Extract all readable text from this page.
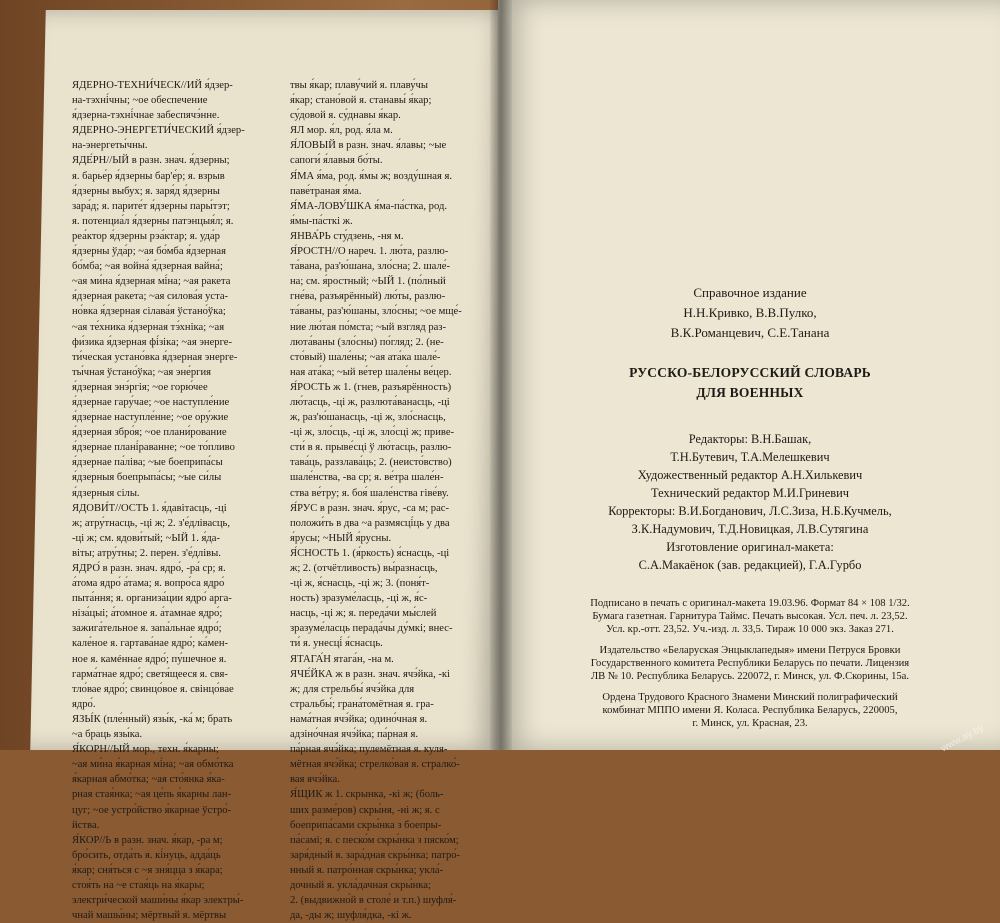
ЯДЕРНО-ТЕХНИ́ЧЕСК//ИЙ я́дзер-

на-тэхні́чны; ~ое обеспечение

я́дзерна-тэхні́чнае забеспячэ́нне.

ЯДЕРНО-ЭНЕРГЕТИ́ЧЕСКИЙ я́дзер-

на-энергеты́чны.

ЯДЕ́РН//ЫЙ в разн. знач. я́дзерны;

я. барье́р я́дзерны бар'е́р; я. взрыв

я́дзерны выбух; я. заря́д я́дзерны

зара́д; я. парите́т я́дзерны пары́тэт;

я. потенциа́л я́дзерны патэнцыя́л; я.

реа́ктор я́дзерны рэа́ктар; я. уда́р

я́дзерны ўда́р; ~ая бо́мба я́дзерная

бо́мба; ~ая война́ я́дзерная вайна́;

~ая ми́на я́дзерная мі́на; ~ая ракета

я́дзерная ракета; ~ая силова́я уста-

но́вка я́дзерная сілава́я ўстано́ўка;

~ая те́хника я́дзерная тэ́хніка; ~ая

фи́зика я́дзерная фі́зіка; ~ая энерге-

ти́ческая устано́вка я́дзерная энерге-

ты́чная ўстано́ўка; ~ая эне́ргия

я́дзерная энэ́ргія; ~ое горю́чее

я́дзернае гару́чае; ~ое наступле́ние

я́дзернае наступле́нне; ~ое ору́жие

я́дзерная збро́я; ~ое плани́рование

я́дзернае плані́раванне; ~ое то́пливо

я́дзернае па́ліва; ~ые боеприпа́сы

я́дзерныя боепрыпа́сы; ~ые си́лы

я́дзерныя сілы.

ЯДОВИ́Т//ОСТЬ 1. я́давітасць, -ці

ж; атру́тнасць, -ці ж; 2. з'е́длівасць,

-ці ж; см. ядови́тый; ~ЫЙ 1. я́да-

віты; атру́тны; 2. перен. з'е́длівы.

ЯДРО́ в разн. знач. ядро́, -ра́ ср; я.

а́тома ядро́ а́тама; я. вопро́са ядро́

пыта́ння; я. организа́ции ядро́ арга-

ніза́цыі; а́томное я. а́тамнае ядро́;

зажига́тельное я. запа́льнае ядро́;

кале́ное я. гартава́нае ядро́; ка́мен-

ное я. камéннае ядро́; пу́шечное я.

гарма́тнае ядро́; светя́щееся я. свя-

тло́вае ядро́; свинцо́вое я. свінцо́вае

ядро́.

ЯЗЫ́К (пле́нный) язы́к, -ка́ м; брать

~а браць язы́ка.

Я́КОРН//ЫЙ мор., техн. я́карны;

~ая ми́на я́карная мі́на; ~ая обмо́тка

я́карная абмо́тка; ~ая сто́янка я́ка-

рная стая́нка; ~ая це́пь я́карны лан-

цуг; ~ое устро́йство я́карнае ўстро́-

йства.

Я́КОР//Ь в разн. знач. я́кар, -ра м;

бро́сить, отда́ть я. кі́нуць, адда́ць

я́кар; сня́ться с ~я зня́цца з я́кара;

стоя́ть на ~е стая́ць на я́кары;

электри́ческой маши́ны я́кар электры́-

чнай машы́ны; мёртвый я. мёртвы

твы я́кар; плаву́чий я. плаву́чы

я́кар; стано́вой я. станавы́ я́кар;

су́довой я. су́днавы я́кар.

ЯЛ мор. я́л, род. я́ла м.

Я́ЛОВЫЙ в разн. знач. я́лавы; ~ые

сапоги́ я́лавыя бо́ты.

Я́МА я́ма, род. я́мы ж; возду́шная я.

паве́траная я́ма.

Я́МА-ЛОВУ́ШКА я́ма-па́стка, род.

я́мы-па́сткі ж.

ЯНВА́РЬ сту́дзень, -ня м.

Я́РОСТН//О нареч. 1. лю́та, разлю-

та́вана, раз'ю́шана, зло́сна; 2. шале́-

на; см. я́ростный; ~ЫЙ 1. (по́лный

гне́ва, разъярённый) лю́ты, разлю-

та́ваны, раз'ю́шаны, зло́сны; ~ое мще́-

ние лю́тая по́мста; ~ый взгляд раз-

люта́ваны (зло́сны) по́гляд; 2. (не-

сто́вый) шале́ны; ~ая ата́ка шале́-

ная ата́ка; ~ый ве́тер шале́ны ве́цер.

Я́РОСТЬ ж 1. (гнев, разъярённость)

лю́тасць, -ці ж, разлюта́ванасць, -ці

ж, раз'ю́шанасць, -ці ж, зло́снасць,

-ці ж, зло́сць, -ці ж, зло́сці ж; приве-

сти́ в я. прыве́сці ў лю́тасць, разлю-

тава́ць, раззлава́ць; 2. (неисто́вство)

шале́нства, -ва ср; я. ве́тра шале́н-

ства ве́тру; я. боя́ шале́нства гіве́ву.

Я́РУС в разн. знач. я́рус, -са м; рас-

положи́ть в два ~а размясці́ць у два

я́русы; ~НЫЙ я́русны.

Я́СНОСТЬ 1. (я́ркость) я́снасць, -ці

ж; 2. (отчётливость) вы́разнасць,

-ці ж, я́снасць, -ці ж; 3. (поня́т-

ность) зразуме́ласць, -ці ж, я́с-

насць, -ці ж; я. переда́чи мы́слей

зразуме́ласць перада́чы ду́мкі; внес-

ти́ я. унесці́ я́снасць.

ЯТАГА́Н ятага́н, -на м.

ЯЧЕ́ЙКА ж в разн. знач. ячэ́йка, -кі

ж; для стрельбы́ ячэ́йка для

стральбы́; грана́томётная я. гра-

нама́тная ячэ́йка; одино́чная я.

адзіно́чная ячэ́йка; па́рная я.

па́рная ячэ́йка; пулемётная я. куля-

мётная ячэ́йка; стрелко́вая я. стралко́-

вая ячэ́йка.

Я́ЩИК ж 1. скрынка, -кі ж; (боль-

ших разме́ров) скры́ня, -ні ж; я. с

боеприпа́сами скры́нка з боепры-

па́самі; я. с песко́м скры́нка з пяско́м;

заря́дный я. зара́дная скры́нка; патро́-

нный я. патро́нная скры́нка; укла́-

дочный я. укла́дачная скры́нка;

2. (выдвижно́й в столе́ и т.п.) шуфля́-

да, -ды ж; шуфля́дка, -кі ж.

Справочное издание
Н.Н.Кривко, В.В.Пулко,
В.К.Романцевич, С.Е.Танана
РУССКО-БЕЛОРУССКИЙ СЛОВАРЬ
ДЛЯ ВОЕННЫХ
Редакторы: В.Н.Башак,
Т.Н.Бутевич, Т.А.Мелешкевич
Художественный редактор А.Н.Хилькевич
Технический редактор М.И.Гриневич
Корректоры: В.И.Богданович, Л.С.Зиза, Н.Б.Кучмель,
З.К.Надумович, Т.Д.Новицкая, Л.В.Сутягина
Изготовление оригинал-макета:
С.А.Макаёнок (зав. редакцией), Г.А.Гурбо
Подписано в печать с оригинал-макета 19.03.96. Формат 84 × 108 1/32.
Бумага газетная. Гарнитура Таймс. Печать высокая. Усл. печ. л. 23,52.
Усл. кр.-отт. 23,52. Уч.-изд. л. 33,5. Тираж 10 000 экз. Заказ 271.
Издательство «Беларуская Энцыклапедыя» имени Петруся Бровки
Государственного комитета Республики Беларусь по печати. Лицензия
ЛВ № 10. Республика Беларусь. 220072, г. Минск, ул. Ф.Скорины, 15а.
Ордена Трудового Красного Знамени Минский полиграфический
комбинат МППО имени Я. Коласа. Республика Беларусь, 220005,
г. Минск, ул. Красная, 23.	www.ay.by
